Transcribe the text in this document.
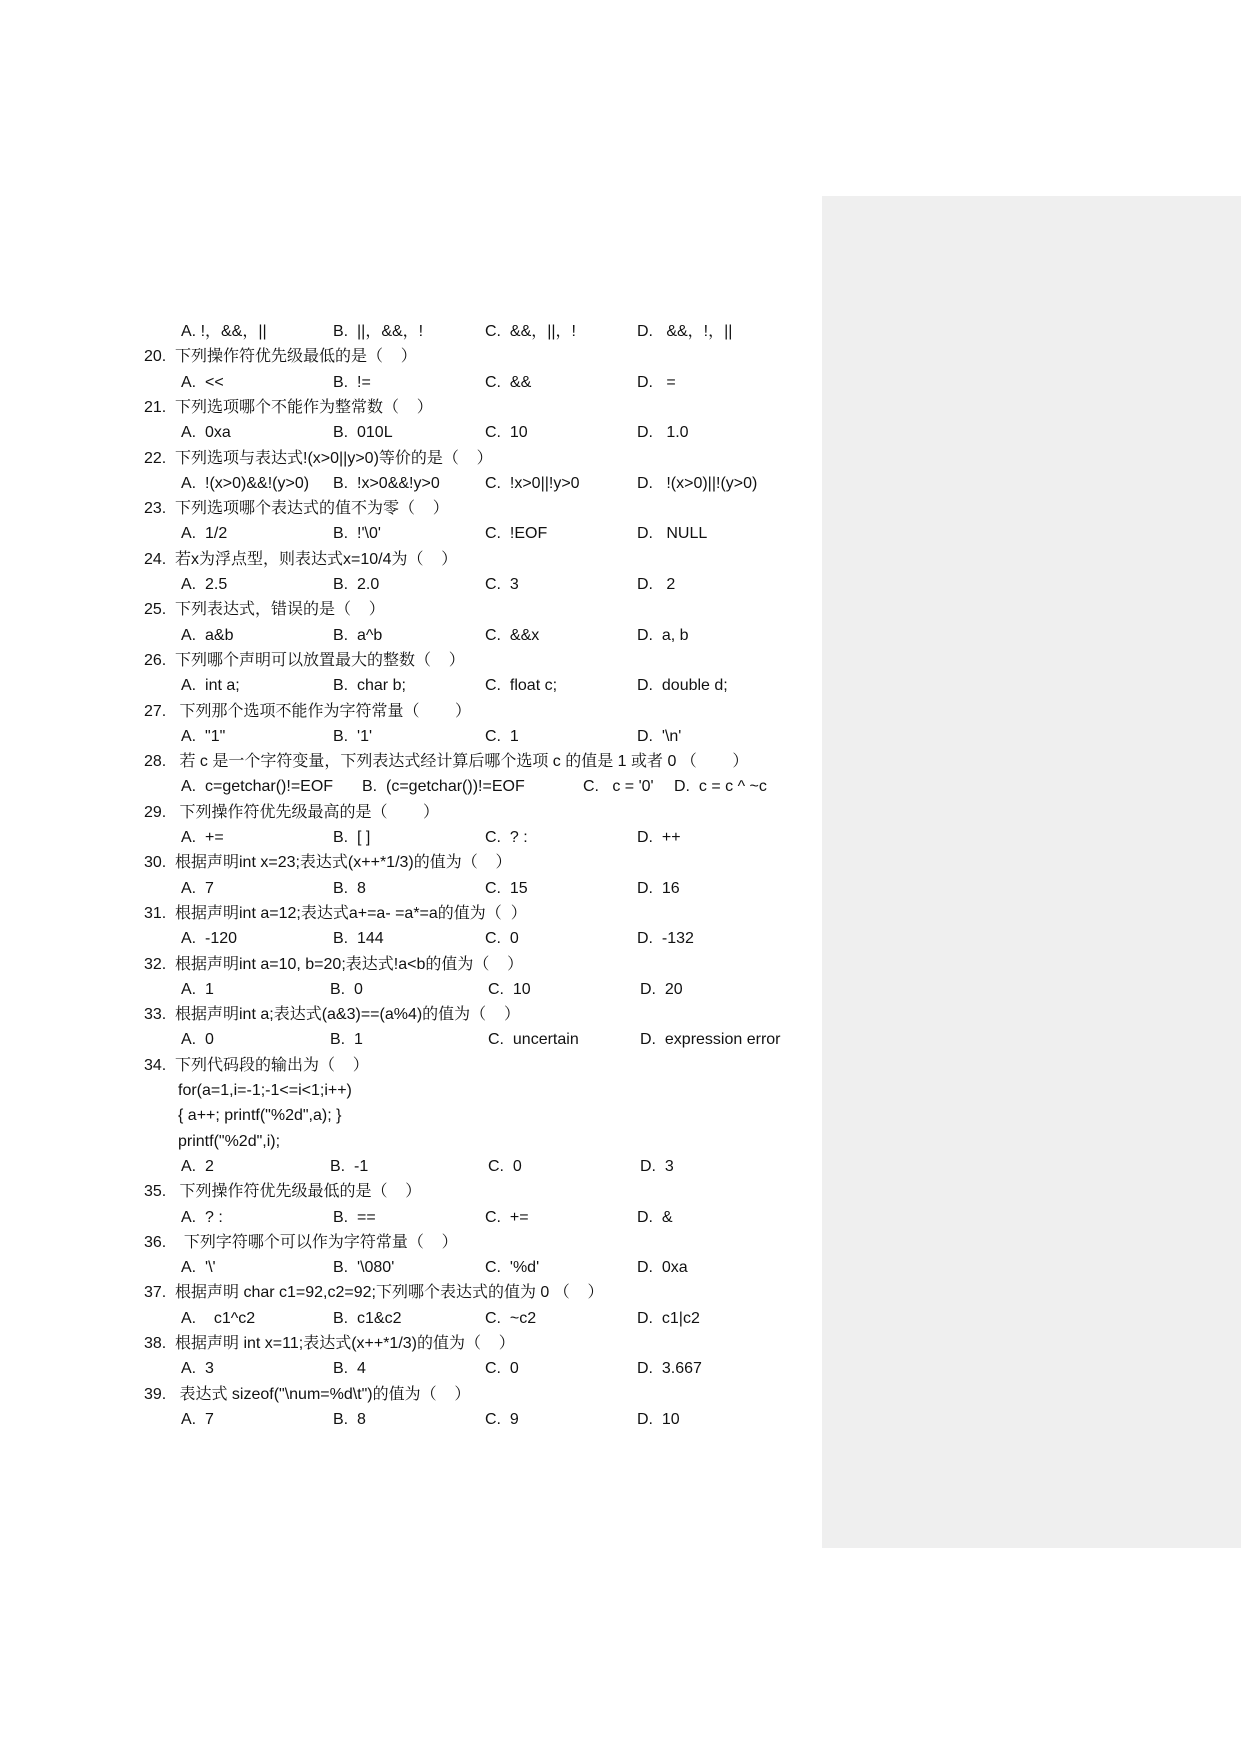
A. !，&&，||	B.  ||，&&，!	C.  &&，||，!	D.   &&，!，||
20. 下列操作符优先级最低的是（    ）
A.  <<	B.  !=	C.  &&	D.   =
21. 下列选项哪个不能作为整常数（    ）
A.  0xa	B.  010L	C.  10	D.   1.0
22. 下列选项与表达式!(x>0||y>0)等价的是（    ）
A.  !(x>0)&&!(y>0) B.  !x>0&&!y>0	C.  !x>0||!y>0	D.   !(x>0)||!(y>0)
23. 下列选项哪个表达式的值不为零（    ）
A.  1/2	B.  !'\0'	C.  !EOF	D.   NULL
24. 若x为浮点型，则表达式x=10/4为（    ）
A.  2.5	B.  2.0	C.  3	D.   2
25. 下列表达式，错误的是（    ）
A.  a&b	B.  a^b	C.  &&x	D.  a, b
26. 下列哪个声明可以放置最大的整数（    ）
A.  int a;	B.  char b;	C.  float c;	D.  double d;
27. 下列那个选项不能作为字符常量（        ）
A.  "1"	B.  '1'	C.  1	D.  '\n'
28. 若 c 是一个字符变量，下列表达式经计算后哪个选项 c 的值是 1 或者 0 （        ）
A.  c=getchar()!=EOF B.  (c=getchar())!=EOF	C.   c = '0' D.  c = c ^ ~c
29. 下列操作符优先级最高的是（        ）
A.  +=	B.  [ ]	C.  ? :	D.  ++
30. 根据声明int x=23;表达式(x++*1/3)的值为（    ）
A.  7	B.  8	C.  15	D.  16
31. 根据声明int a=12;表达式a+=a- =a*=a的值为（  ）
A.  -120	B.  144	C.  0	D.  -132
32. 根据声明int a=10, b=20;表达式!a<b的值为（    ）
A.  1	B.  0	C.  10	D.  20
33. 根据声明int a;表达式(a&3)==(a%4)的值为（    ）
A.  0	B.  1	C.  uncertain	D.  expression error
34. 下列代码段的输出为（    ）
for(a=1,i=-1;-1<=i<1;i++)
{ a++; printf("%2d",a); }
printf("%2d",i);
A.  2	B.  -1	C.  0	D.  3
35. 下列操作符优先级最低的是（    ）
A.  ? :	B.  ==	C.  +=	D.  &
36. 下列字符哪个可以作为字符常量（    ）
A.  '\'	B.  '\080'	C.  '%d'	D.  0xa
37. 根据声明 char c1=92,c2=92;下列哪个表达式的值为 0 （    ）
A.    c1^c2	B.  c1&c2	C.  ~c2	D.  c1|c2
38. 根据声明 int x=11;表达式(x++*1/3)的值为（    ）
A.  3	B.  4	C.  0	D.  3.667
39. 表达式 sizeof("\num=%d\t")的值为（    ）
A.  7	B.  8	C.  9	D.  10
